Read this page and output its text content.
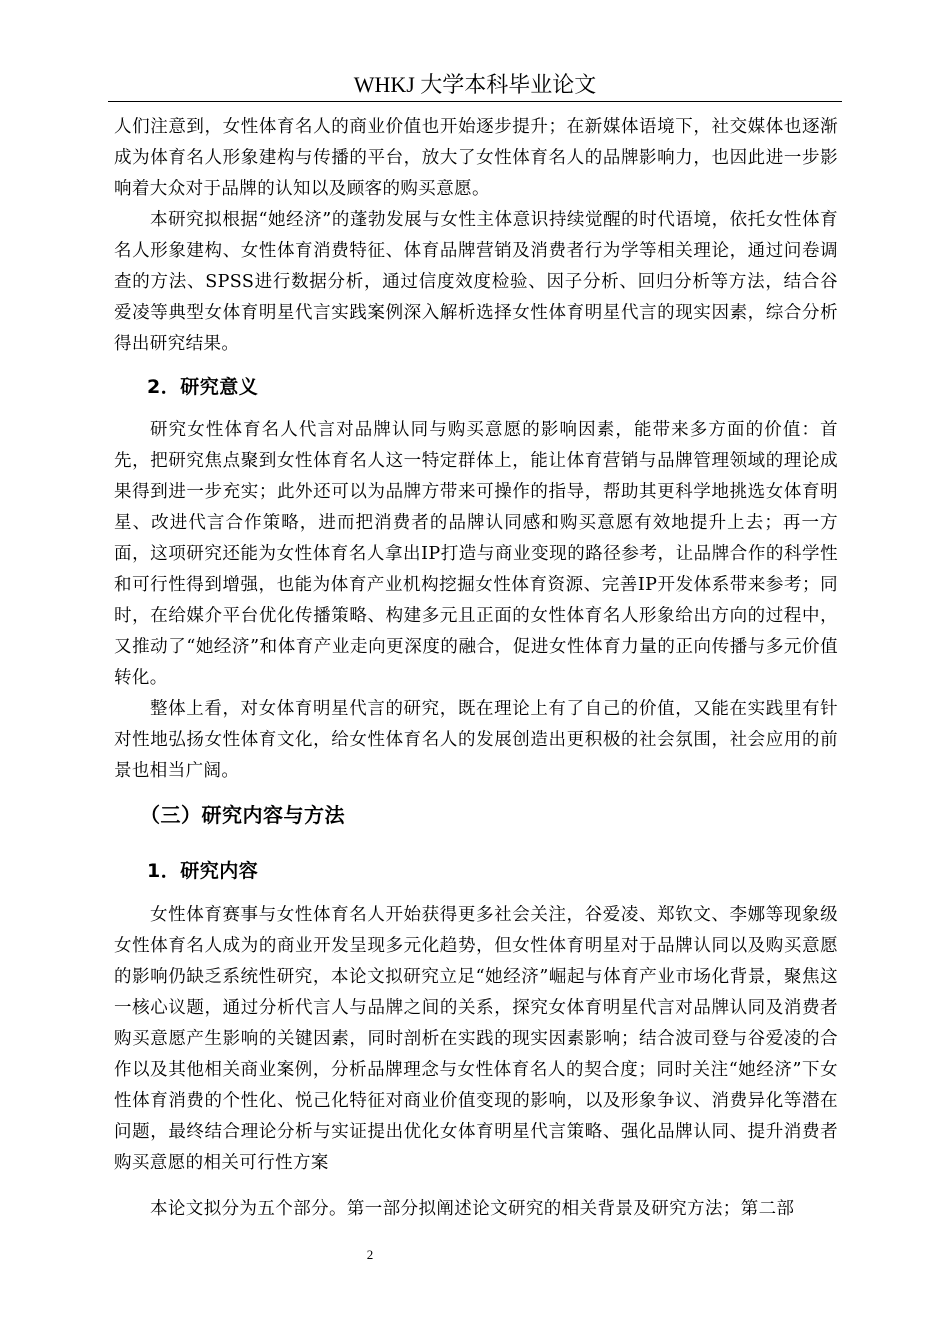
WHKJ 大学本科毕业论文

人们注意到，女性体育名人的商业价值也开始逐步提升；在新媒体语境下，社交媒体也逐渐成为体育名人形象建构与传播的平台，放大了女性体育名人的品牌影响力，也因此进一步影响着大众对于品牌的认知以及顾客的购买意愿。

本研究拟根据“她经济”的蓬勃发展与女性主体意识持续觉醒的时代语境，依托女性体育名人形象建构、女性体育消费特征、体育品牌营销及消费者行为学等相关理论，通过问卷调查的方法、SPSS进行数据分析，通过信度效度检验、因子分析、回归分析等方法，结合谷爱凌等典型女体育明星代言实践案例深入解析选择女性体育明星代言的现实因素，综合分析得出研究结果。

2．研究意义

研究女性体育名人代言对品牌认同与购买意愿的影响因素，能带来多方面的价值：首先，把研究焦点聚到女性体育名人这一特定群体上，能让体育营销与品牌管理领域的理论成果得到进一步充实；此外还可以为品牌方带来可操作的指导，帮助其更科学地挑选女体育明星、改进代言合作策略，进而把消费者的品牌认同感和购买意愿有效地提升上去；再一方面，这项研究还能为女性体育名人拿出IP打造与商业变现的路径参考，让品牌合作的科学性和可行性得到增强，也能为体育产业机构挖掘女性体育资源、完善IP开发体系带来参考；同时，在给媒介平台优化传播策略、构建多元且正面的女性体育名人形象给出方向的过程中，又推动了“她经济”和体育产业走向更深度的融合，促进女性体育力量的正向传播与多元价值转化。

整体上看，对女体育明星代言的研究，既在理论上有了自己的价值，又能在实践里有针对性地弘扬女性体育文化，给女性体育名人的发展创造出更积极的社会氛围，社会应用的前景也相当广阔。

（三）研究内容与方法
1．研究内容

女性体育赛事与女性体育名人开始获得更多社会关注，谷爱凌、郑钦文、李娜等现象级女性体育名人成为的商业开发呈现多元化趋势，但女性体育明星对于品牌认同以及购买意愿的影响仍缺乏系统性研究，本论文拟研究立足“她经济”崛起与体育产业市场化背景，聚焦这一核心议题，通过分析代言人与品牌之间的关系，探究女体育明星代言对品牌认同及消费者购买意愿产生影响的关键因素，同时剖析在实践的现实因素影响；结合波司登与谷爱凌的合作以及其他相关商业案例，分析品牌理念与女性体育名人的契合度；同时关注“她经济”下女性体育消费的个性化、悦己化特征对商业价值变现的影响，以及形象争议、消费异化等潜在问题，最终结合理论分析与实证提出优化女体育明星代言策略、强化品牌认同、提升消费者购买意愿的相关可行性方案

本论文拟分为五个部分。第一部分拟阐述论文研究的相关背景及研究方法；第二部

2
